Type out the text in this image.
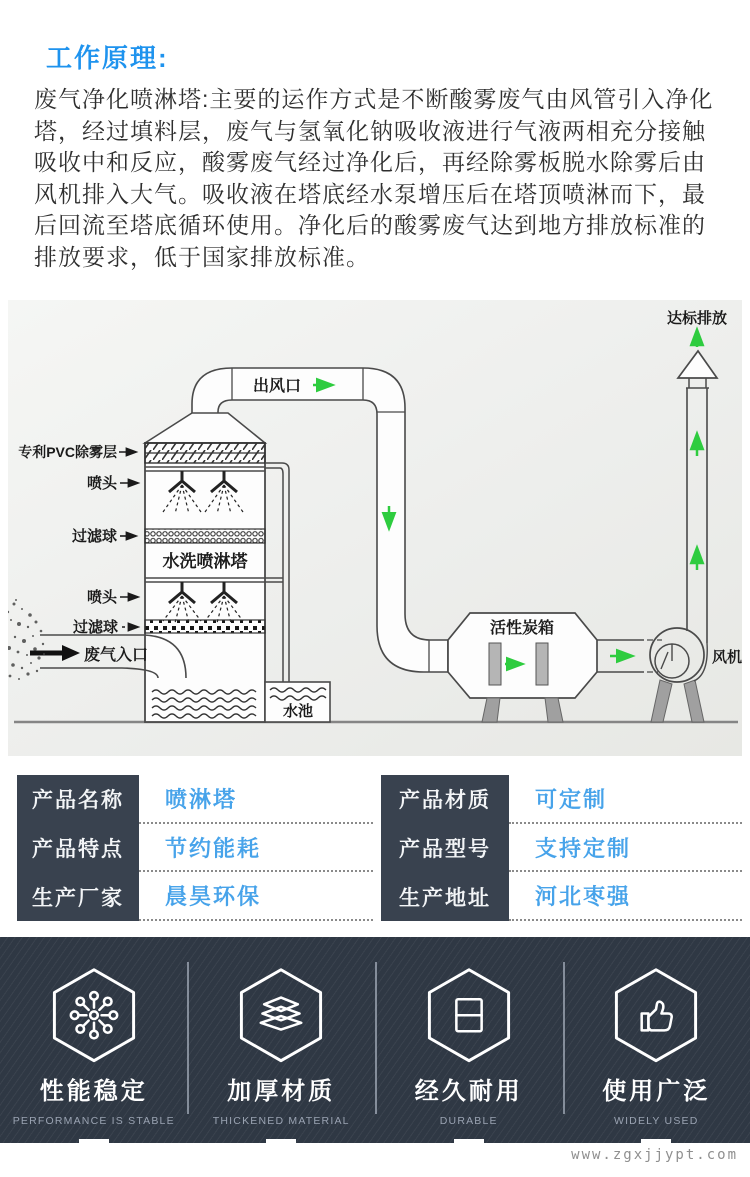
工作原理:

废气净化喷淋塔:主要的运作方式是不断酸雾废气由风管引入净化塔，经过填料层，废气与氢氧化钠吸收液进行气液两相充分接触吸收中和反应，酸雾废气经过净化后，再经除雾板脱水除雾后由风机排入大气。吸收液在塔底经水泵增压后在塔顶喷淋而下，最后回流至塔底循环使用。净化后的酸雾废气达到地方排放标准的排放要求，低于国家排放标准。

水池
废气入口
活性炭箱
风机
达标排放
出风口
水洗喷淋塔
专利PVC除雾层
喷头
过滤球
喷头
过滤球
产品名称
产品特点
生产厂家
喷淋塔
节约能耗
晨昊环保
产品材质
产品型号
生产地址
可定制
支持定制
河北枣强
性能稳定
PERFORMANCE IS STABLE
加厚材质
THICKENED MATERIAL
经久耐用
DURABLE
使用广泛
WIDELY USED
www.zgxjjypt.com
